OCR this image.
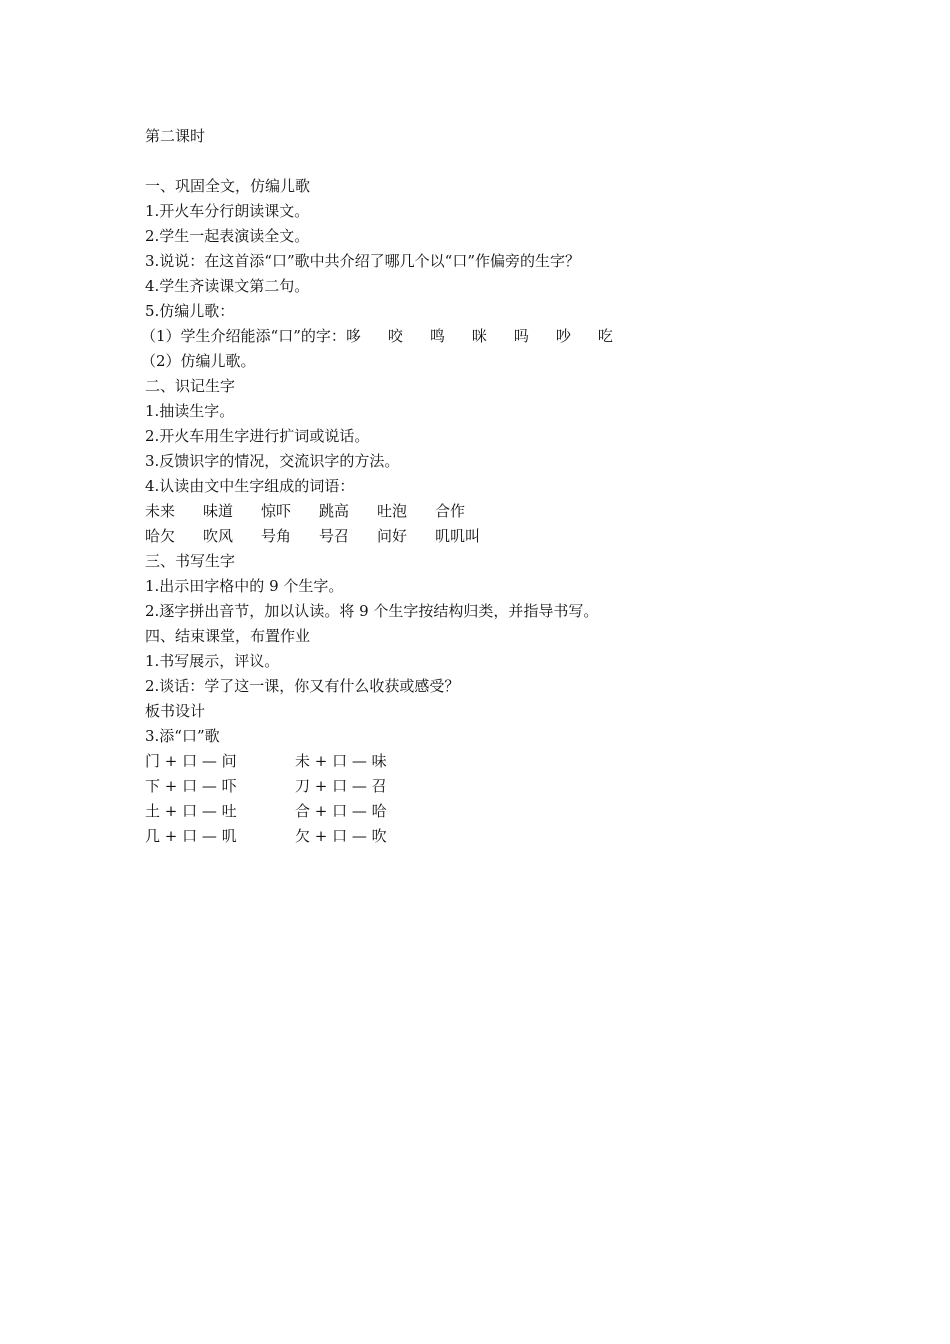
第二课时
一、巩固全文，仿编儿歌
1.开火车分行朗读课文。
2.学生一起表演读全文。
3.说说：在这首添“口”歌中共介绍了哪几个以“口”作偏旁的生字？
4.学生齐读课文第二句。
5.仿编儿歌：
（1）学生介绍能添“口”的字：哆 咬 鸣 咪 吗 吵 吃
（2）仿编儿歌。
二、识记生字
1.抽读生字。
2.开火车用生字进行扩词或说话。
3.反馈识字的情况，交流识字的方法。
4.认读由文中生字组成的词语：
未来 味道 惊吓 跳高 吐泡 合作
哈欠 吹风 号角 号召 问好 叽叽叫
三、书写生字
1.出示田字格中的 9 个生字。
2.逐字拼出音节，加以认读。将 9 个生字按结构归类，并指导书写。
四、结束课堂，布置作业
1.书写展示，评议。
2.谈话：学了这一课，你又有什么收获或感受？
板书设计
3.添“口”歌
门 + 口 — 问	未 + 口 — 味
下 + 口 — 吓	刀 + 口 — 召
土 + 口 — 吐	合 + 口 — 哈
几 + 口 — 叽	欠 + 口 — 吹
